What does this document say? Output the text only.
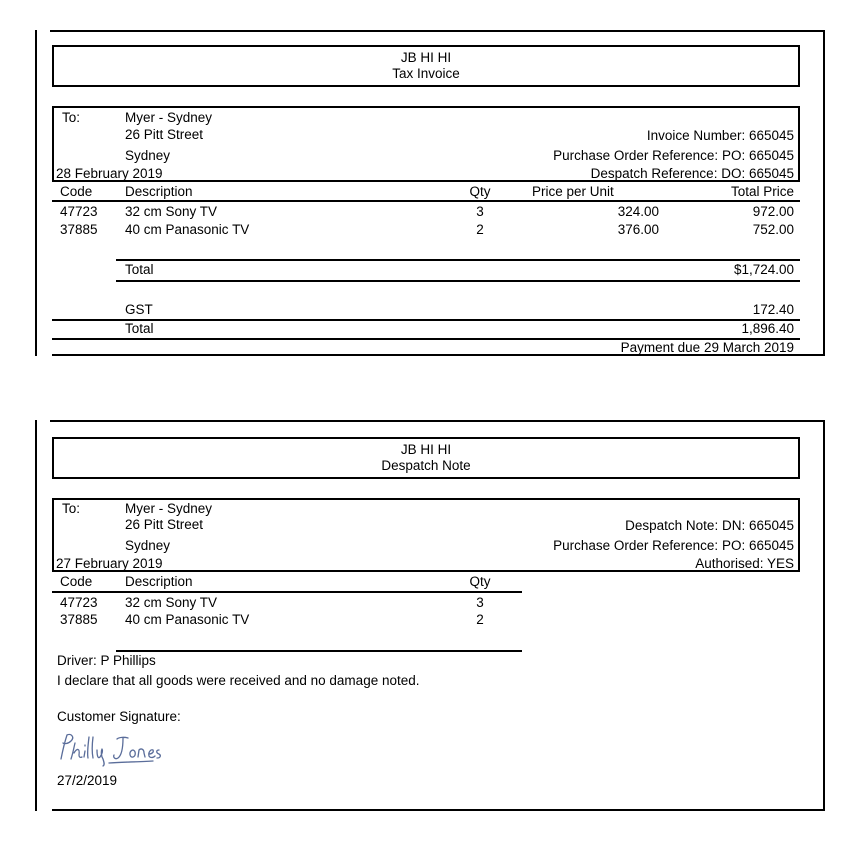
JB HI HI
Tax Invoice
To:	Myer - Sydney
26 Pitt Street
Sydney
28 February 2019
Invoice Number: 665045
Purchase Order Reference: PO: 665045
Despatch Reference: DO: 665045
Code Description	Qty	Price per Unit	Total Price
47723 32 cm Sony TV	3	324.00	972.00
37885 40 cm Panasonic TV	2	376.00	752.00
Total	$1,724.00
GST	172.40
Total	1,896.40
Payment due 29 March 2019
JB HI HI
Despatch Note
To:	Myer - Sydney
26 Pitt Street
Sydney
27 February 2019
Despatch Note: DN: 665045
Purchase Order Reference: PO: 665045
Authorised: YES
Code Description	Qty
47723 32 cm Sony TV	3
37885 40 cm Panasonic TV	2
Driver: P Phillips
I declare that all goods were received and no damage noted.
Customer Signature:
27/2/2019
